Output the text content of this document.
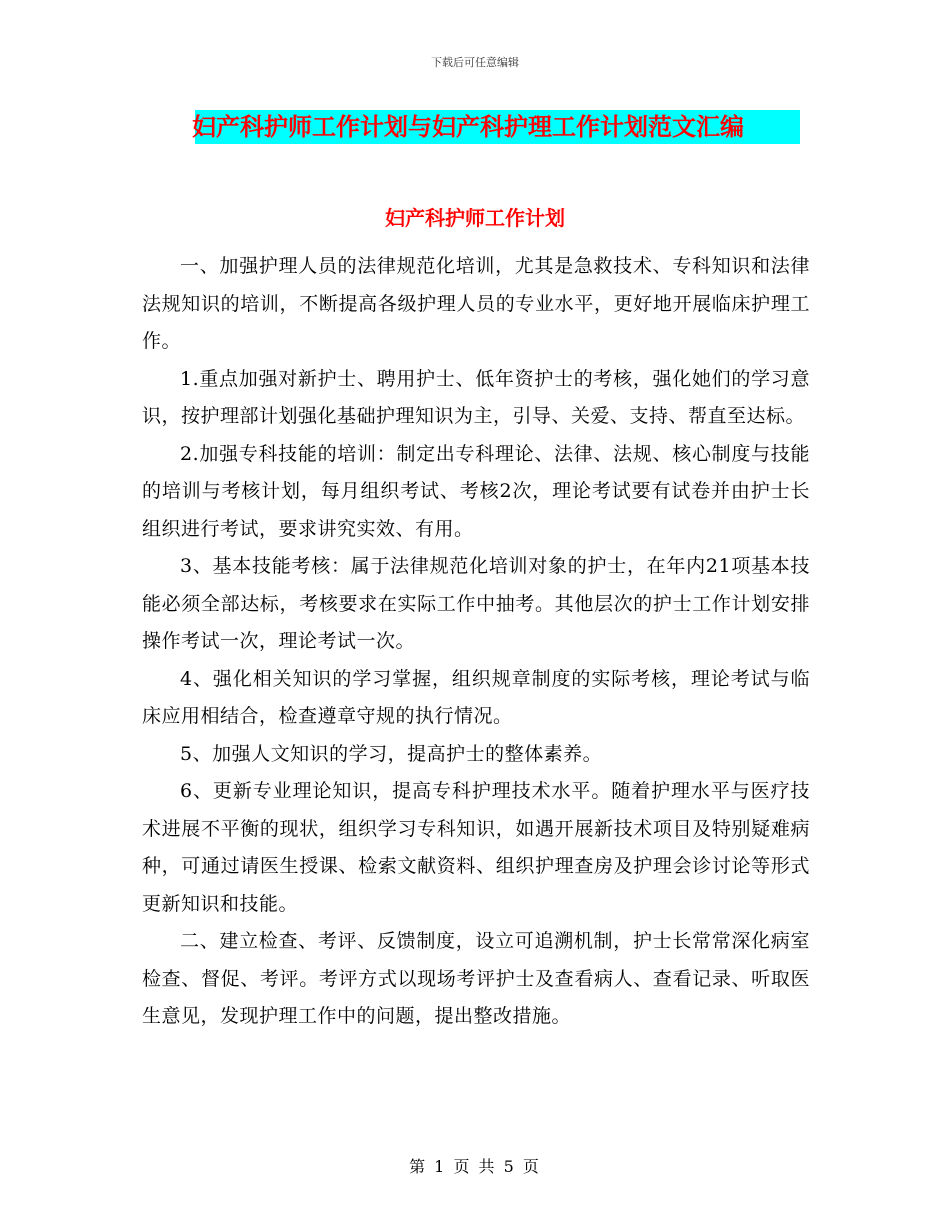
下载后可任意编辑
妇产科护师工作计划与妇产科护理工作计划范文汇编
妇产科护师工作计划

一、加强护理人员的法律规范化培训，尤其是急救技术、专科知识和法律法规知识的培训，不断提高各级护理人员的专业水平，更好地开展临床护理工作。

1.重点加强对新护士、聘用护士、低年资护士的考核，强化她们的学习意识，按护理部计划强化基础护理知识为主，引导、关爱、支持、帮直至达标。

2.加强专科技能的培训：制定出专科理论、法律、法规、核心制度与技能的培训与考核计划，每月组织考试、考核2次，理论考试要有试卷并由护士长组织进行考试，要求讲究实效、有用。

3、基本技能考核：属于法律规范化培训对象的护士，在年内21项基本技能必须全部达标，考核要求在实际工作中抽考。其他层次的护士工作计划安排操作考试一次，理论考试一次。

4、强化相关知识的学习掌握，组织规章制度的实际考核，理论考试与临床应用相结合，检查遵章守规的执行情况。

5、加强人文知识的学习，提高护士的整体素养。

6、更新专业理论知识，提高专科护理技术水平。随着护理水平与医疗技术进展不平衡的现状，组织学习专科知识，如遇开展新技术项目及特别疑难病种，可通过请医生授课、检索文献资料、组织护理查房及护理会诊讨论等形式更新知识和技能。

二、建立检查、考评、反馈制度，设立可追溯机制，护士长常常深化病室检查、督促、考评。考评方式以现场考评护士及查看病人、查看记录、听取医生意见，发现护理工作中的问题，提出整改措施。

第 1 页 共 5 页
